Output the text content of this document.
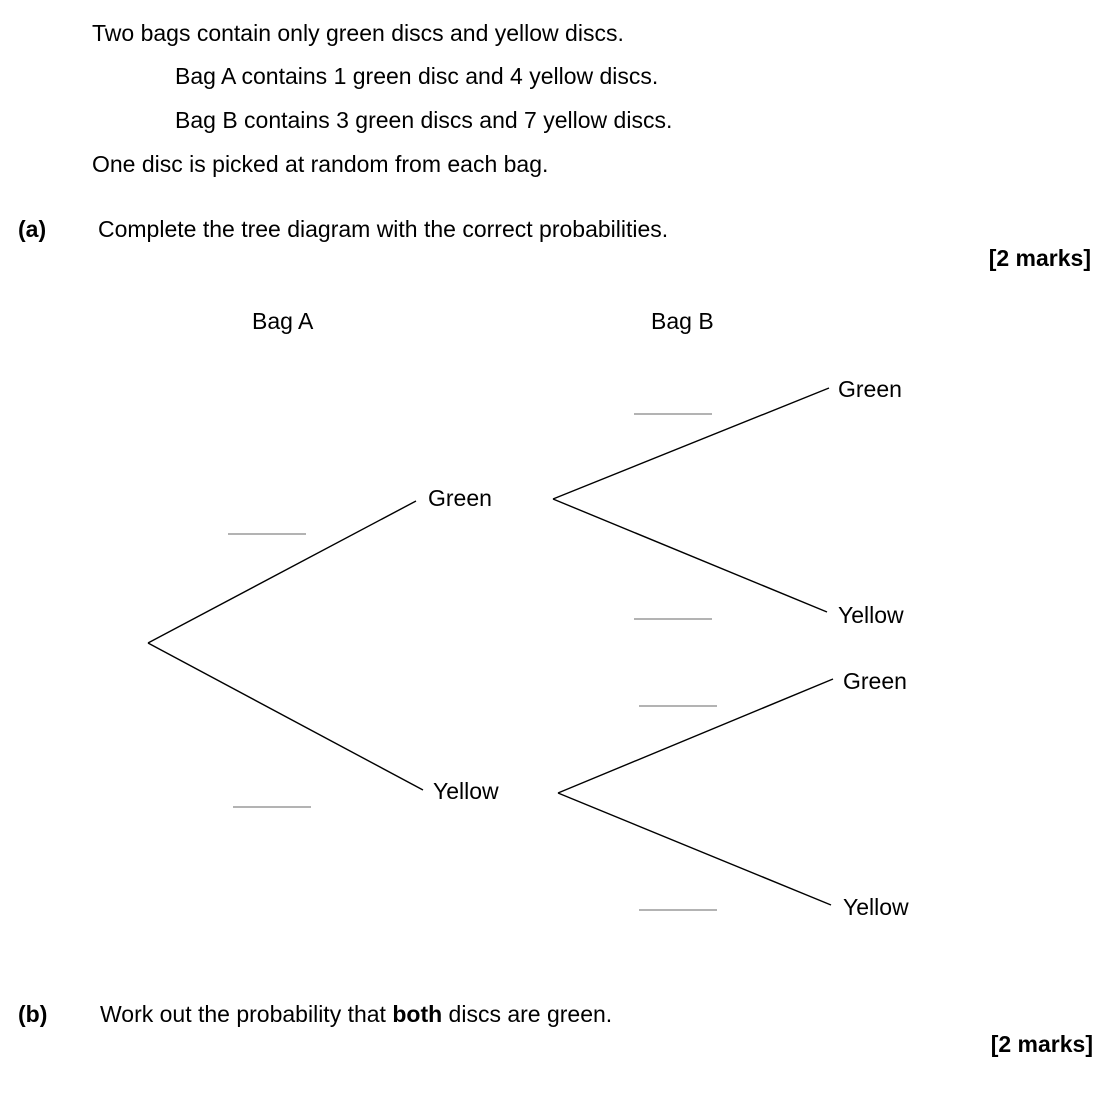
Two bags contain only green discs and yellow discs.

Bag A contains 1 green disc and 4 yellow discs.

Bag B contains 3 green discs and 7 yellow discs.

One disc is picked at random from each bag.

(a) Complete the tree diagram with the correct probabilities.

[2 marks]

Bag A	Bag B
Green
Yellow
Green
Yellow
Green
Yellow

(b) Work out the probability that both discs are green.

[2 marks]
